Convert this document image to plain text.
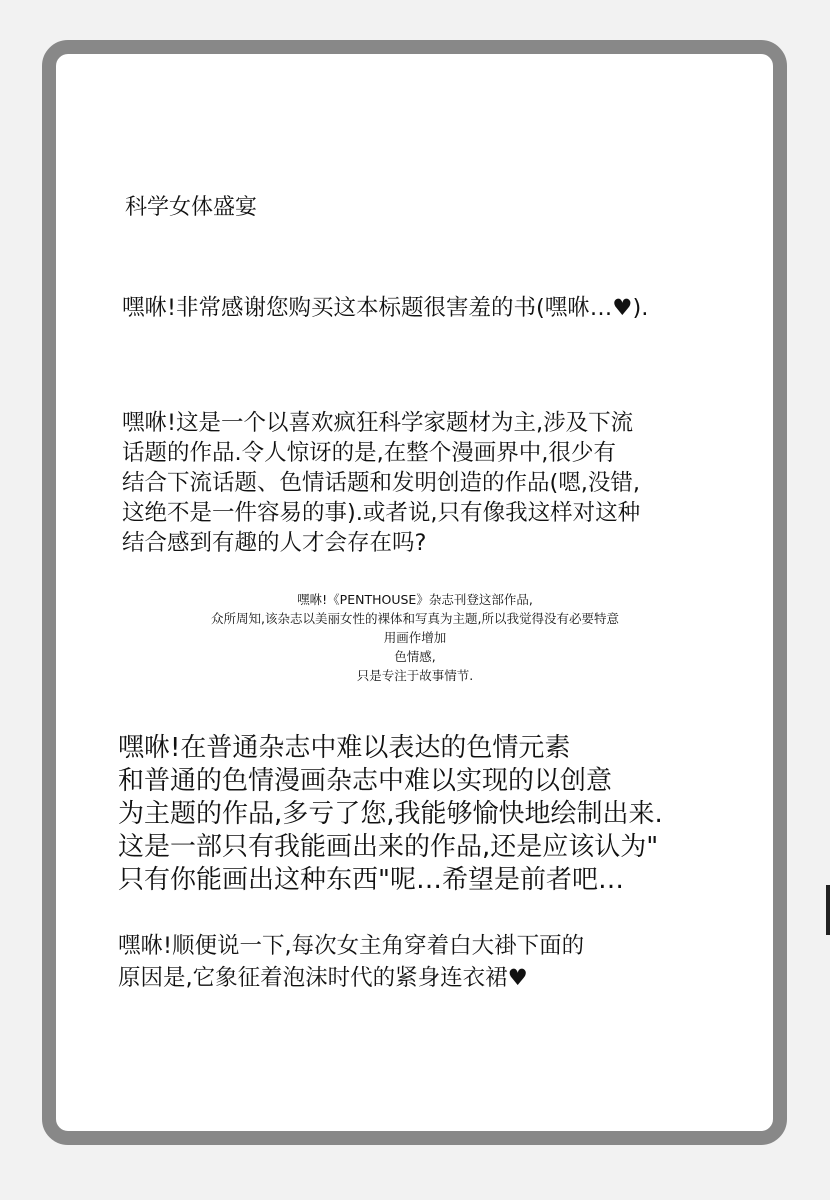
科学女体盛宴
嘿咻!非常感谢您购买这本标题很害羞的书(嘿咻…♥).
嘿咻!这是一个以喜欢疯狂科学家题材为主,涉及下流
话题的作品.令人惊讶的是,在整个漫画界中,很少有
结合下流话题、色情话题和发明创造的作品(嗯,没错,
这绝不是一件容易的事).或者说,只有像我这样对这种
结合感到有趣的人才会存在吗?
嘿咻!《PENTHOUSE》杂志刊登这部作品,
众所周知,该杂志以美丽女性的裸体和写真为主题,所以我觉得没有必要特意
用画作增加
色情感,
只是专注于故事情节.
嘿咻!在普通杂志中难以表达的色情元素
和普通的色情漫画杂志中难以实现的以创意
为主题的作品,多亏了您,我能够愉快地绘制出来.
这是一部只有我能画出来的作品,还是应该认为"
只有你能画出这种东西"呢…希望是前者吧…
嘿咻!顺便说一下,每次女主角穿着白大褂下面的
原因是,它象征着泡沫时代的紧身连衣裙♥
